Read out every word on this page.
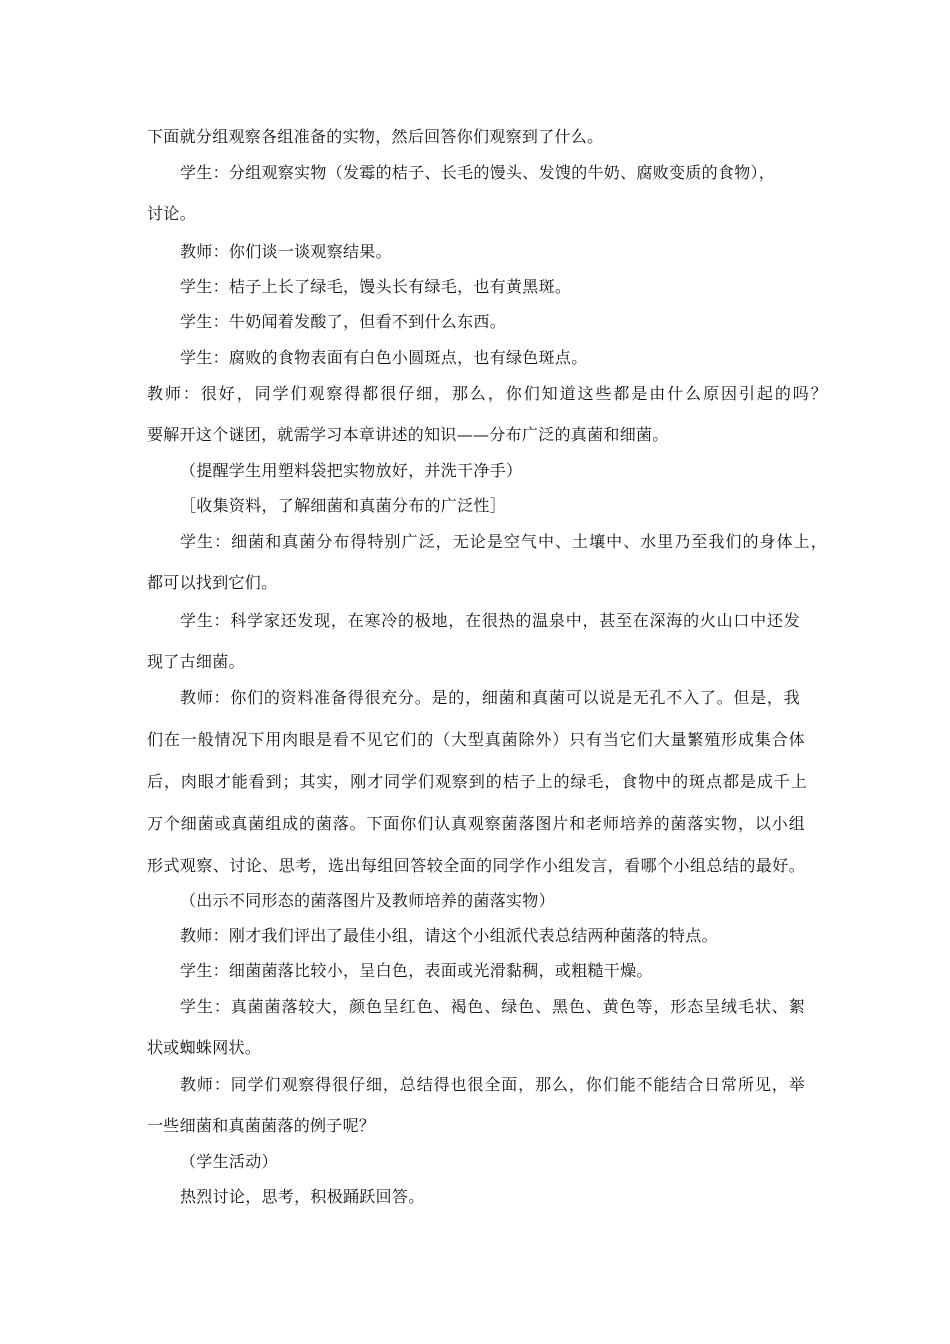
下面就分组观察各组准备的实物，然后回答你们观察到了什么。
学生：分组观察实物（发霉的桔子、长毛的馒头、发馊的牛奶、腐败变质的食物），
讨论。
教师：你们谈一谈观察结果。
学生：桔子上长了绿毛，馒头长有绿毛，也有黄黑斑。
学生：牛奶闻着发酸了，但看不到什么东西。
学生：腐败的食物表面有白色小圆斑点，也有绿色斑点。
教师：很好，同学们观察得都很仔细，那么，你们知道这些都是由什么原因引起的吗？
要解开这个谜团，就需学习本章讲述的知识——分布广泛的真菌和细菌。
（提醒学生用塑料袋把实物放好，并洗干净手）
［收集资料，了解细菌和真菌分布的广泛性］
学生：细菌和真菌分布得特别广泛，无论是空气中、土壤中、水里乃至我们的身体上，
都可以找到它们。
学生：科学家还发现，在寒冷的极地，在很热的温泉中，甚至在深海的火山口中还发
现了古细菌。
教师：你们的资料准备得很充分。是的，细菌和真菌可以说是无孔不入了。但是，我
们在一般情况下用肉眼是看不见它们的（大型真菌除外）只有当它们大量繁殖形成集合体
后，肉眼才能看到；其实，刚才同学们观察到的桔子上的绿毛，食物中的斑点都是成千上
万个细菌或真菌组成的菌落。下面你们认真观察菌落图片和老师培养的菌落实物，以小组
形式观察、讨论、思考，选出每组回答较全面的同学作小组发言，看哪个小组总结的最好。
（出示不同形态的菌落图片及教师培养的菌落实物）
教师：刚才我们评出了最佳小组，请这个小组派代表总结两种菌落的特点。
学生：细菌菌落比较小，呈白色，表面或光滑黏稠，或粗糙干燥。
学生：真菌菌落较大，颜色呈红色、褐色、绿色、黑色、黄色等，形态呈绒毛状、絮
状或蜘蛛网状。
教师：同学们观察得很仔细，总结得也很全面，那么，你们能不能结合日常所见，举
一些细菌和真菌菌落的例子呢？
（学生活动）
热烈讨论，思考，积极踊跃回答。
